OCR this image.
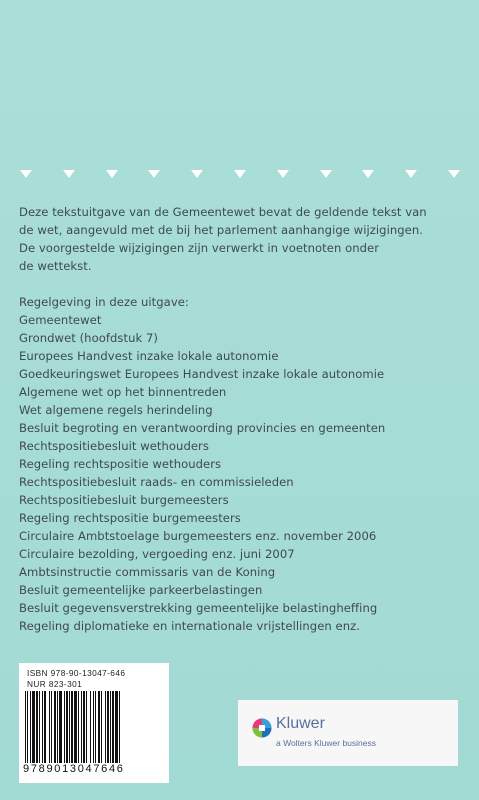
Deze tekstuitgave van de Gemeentewet bevat de geldende tekst van

de wet, aangevuld met de bij het parlement aanhangige wijzigingen.

De voorgestelde wijzigingen zijn verwerkt in voetnoten onder

de wettekst.

Regelgeving in deze uitgave:
Gemeentewet
Grondwet (hoofdstuk 7)
Europees Handvest inzake lokale autonomie
Goedkeuringswet Europees Handvest inzake lokale autonomie
Algemene wet op het binnentreden
Wet algemene regels herindeling
Besluit begroting en verantwoording provincies en gemeenten
Rechtspositiebesluit wethouders
Regeling rechtspositie wethouders
Rechtspositiebesluit raads- en commissieleden
Rechtspositiebesluit burgemeesters
Regeling rechtspositie burgemeesters
Circulaire Ambtstoelage burgemeesters enz. november 2006
Circulaire bezolding, vergoeding enz. juni 2007
Ambtsinstructie commissaris van de Koning
Besluit gemeentelijke parkeerbelastingen
Besluit gegevensverstrekking gemeentelijke belastingheffing
Regeling diplomatieke en internationale vrijstellingen enz.
ISBN 978-90-13047-646
NUR 823-301
9789013047646
Kluwer
a Wolters Kluwer business
